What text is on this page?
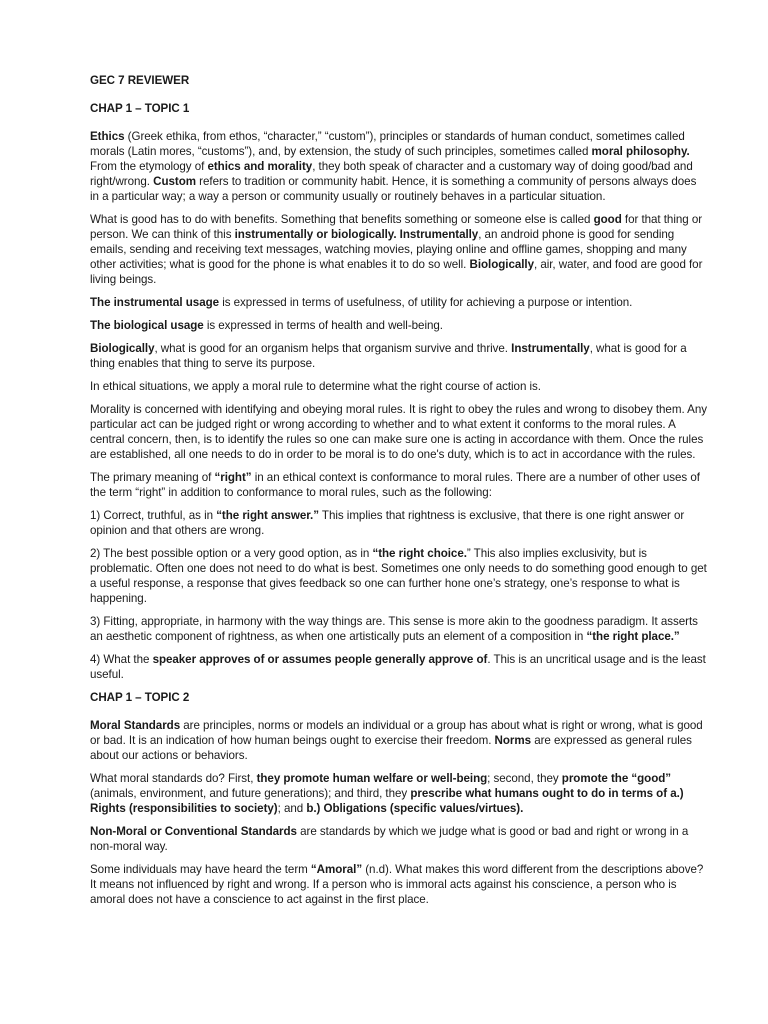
GEC 7 REVIEWER

CHAP 1 – TOPIC 1

Ethics (Greek ethika, from ethos, “character,” “custom”), principles or standards of human conduct, sometimes called morals (Latin mores, “customs”), and, by extension, the study of such principles, sometimes called moral philosophy. From the etymology of ethics and morality, they both speak of character and a customary way of doing good/bad and right/wrong. Custom refers to tradition or community habit. Hence, it is something a community of persons always does in a particular way; a way a person or community usually or routinely behaves in a particular situation.

What is good has to do with benefits. Something that benefits something or someone else is called good for that thing or person. We can think of this instrumentally or biologically. Instrumentally, an android phone is good for sending emails, sending and receiving text messages, watching movies, playing online and offline games, shopping and many other activities; what is good for the phone is what enables it to do so well. Biologically, air, water, and food are good for living beings.

The instrumental usage is expressed in terms of usefulness, of utility for achieving a purpose or intention.

The biological usage is expressed in terms of health and well-being.

Biologically, what is good for an organism helps that organism survive and thrive. Instrumentally, what is good for a thing enables that thing to serve its purpose.

In ethical situations, we apply a moral rule to determine what the right course of action is.

Morality is concerned with identifying and obeying moral rules. It is right to obey the rules and wrong to disobey them. Any particular act can be judged right or wrong according to whether and to what extent it conforms to the moral rules. A central concern, then, is to identify the rules so one can make sure one is acting in accordance with them. Once the rules are established, all one needs to do in order to be moral is to do one's duty, which is to act in accordance with the rules.

The primary meaning of “right” in an ethical context is conformance to moral rules. There are a number of other uses of the term “right” in addition to conformance to moral rules, such as the following:

1) Correct, truthful, as in “the right answer.” This implies that rightness is exclusive, that there is one right answer or opinion and that others are wrong.

2) The best possible option or a very good option, as in “the right choice.” This also implies exclusivity, but is problematic. Often one does not need to do what is best. Sometimes one only needs to do something good enough to get a useful response, a response that gives feedback so one can further hone one’s strategy, one’s response to what is happening.

3) Fitting, appropriate, in harmony with the way things are. This sense is more akin to the goodness paradigm. It asserts an aesthetic component of rightness, as when one artistically puts an element of a composition in “the right place.”

4) What the speaker approves of or assumes people generally approve of. This is an uncritical usage and is the least useful.

CHAP 1 – TOPIC 2

Moral Standards are principles, norms or models an individual or a group has about what is right or wrong, what is good or bad. It is an indication of how human beings ought to exercise their freedom. Norms are expressed as general rules about our actions or behaviors.

What moral standards do? First, they promote human welfare or well-being; second, they promote the “good” (animals, environment, and future generations); and third, they prescribe what humans ought to do in terms of a.) Rights (responsibilities to society); and b.) Obligations (specific values/virtues).

Non-Moral or Conventional Standards are standards by which we judge what is good or bad and right or wrong in a non-moral way.

Some individuals may have heard the term “Amoral” (n.d). What makes this word different from the descriptions above? It means not influenced by right and wrong. If a person who is immoral acts against his conscience, a person who is amoral does not have a conscience to act against in the first place.
